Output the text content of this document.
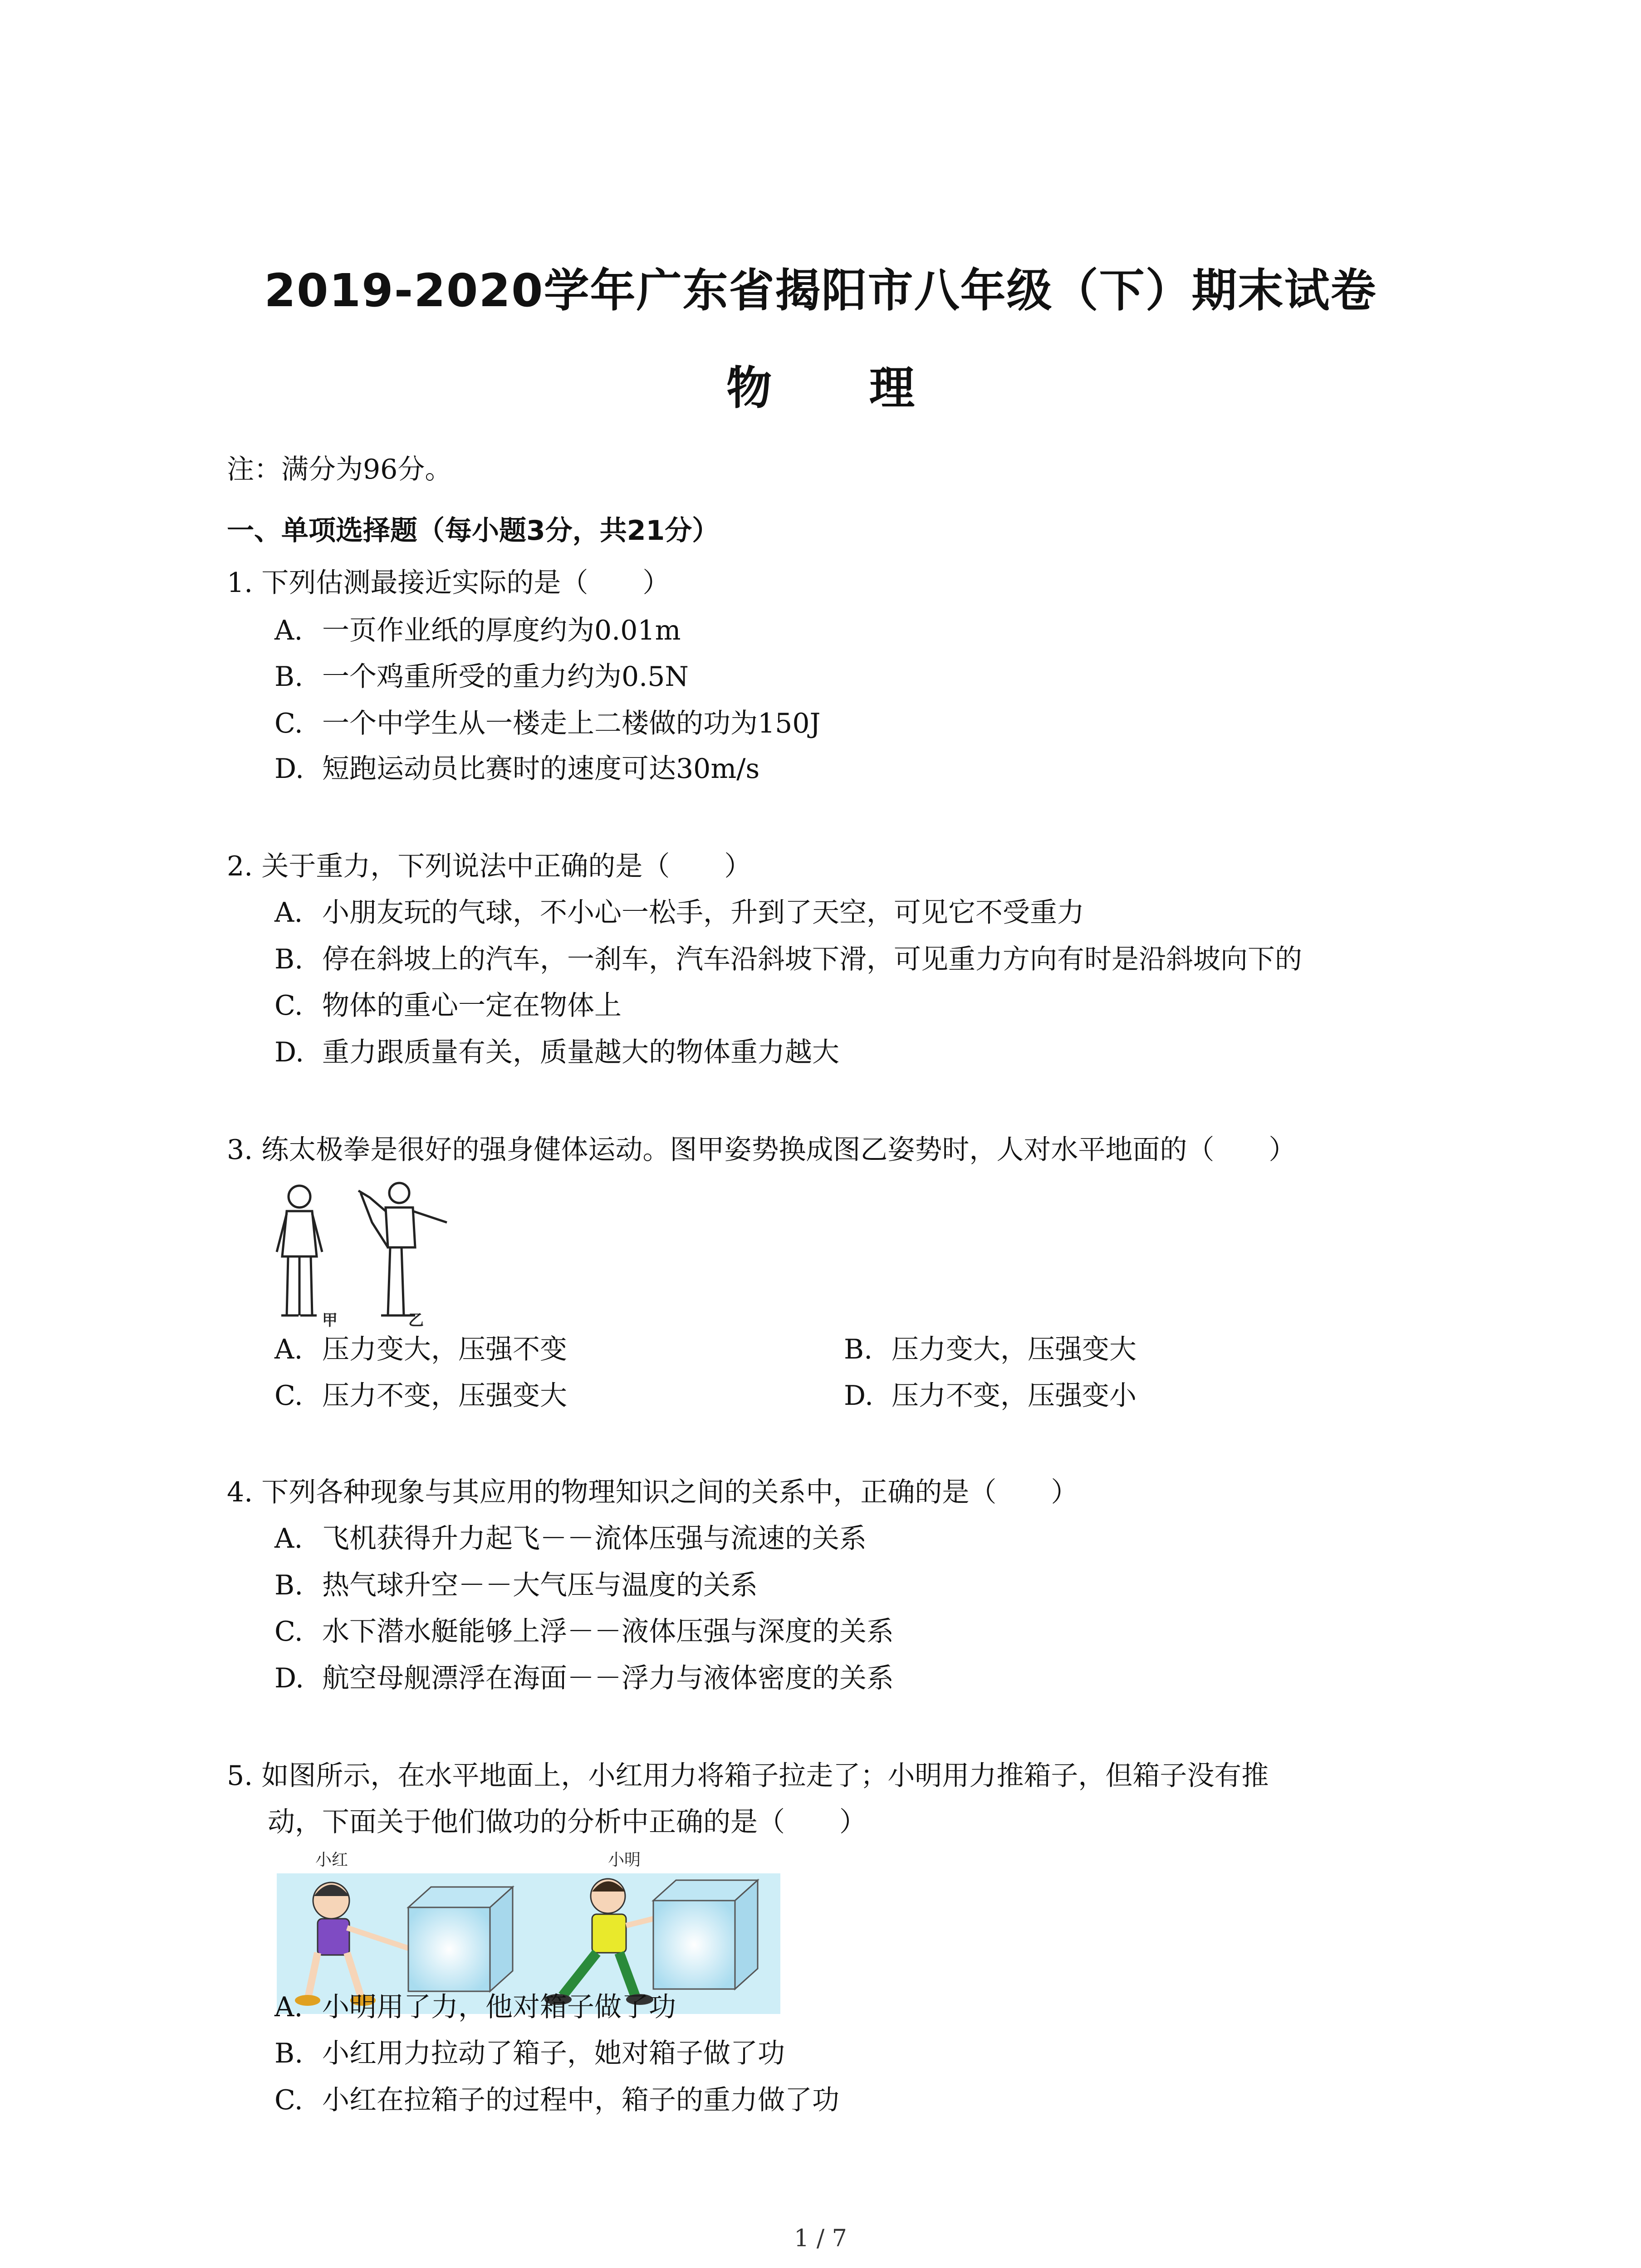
2019-2020学年广东省揭阳市八年级（下）期末试卷
物 理
注：满分为96分。
一、单项选择题（每小题3分，共21分）
1. 下列估测最接近实际的是（　　）
A. 一页作业纸的厚度约为0.01m
B. 一个鸡重所受的重力约为0.5N
C. 一个中学生从一楼走上二楼做的功为150J
D. 短跑运动员比赛时的速度可达30m/s
2. 关于重力，下列说法中正确的是（　　）
A. 小朋友玩的气球，不小心一松手，升到了天空，可见它不受重力
B. 停在斜坡上的汽车，一刹车，汽车沿斜坡下滑，可见重力方向有时是沿斜坡向下的
C. 物体的重心一定在物体上
D. 重力跟质量有关，质量越大的物体重力越大
3. 练太极拳是很好的强身健体运动。图甲姿势换成图乙姿势时，人对水平地面的（　　）
甲	乙
A. 压力变大，压强不变	B. 压力变大，压强变大
C. 压力不变，压强变大	D. 压力不变，压强变小
4. 下列各种现象与其应用的物理知识之间的关系中，正确的是（　　）
A. 飞机获得升力起飞－－流体压强与流速的关系
B. 热气球升空－－大气压与温度的关系
C. 水下潜水艇能够上浮－－液体压强与深度的关系
D. 航空母舰漂浮在海面－－浮力与液体密度的关系
5. 如图所示，在水平地面上，小红用力将箱子拉走了；小明用力推箱子，但箱子没有推
动，下面关于他们做功的分析中正确的是（　　）
小红	小明
A. 小明用了力，他对箱子做了功
B. 小红用力拉动了箱子，她对箱子做了功
C. 小红在拉箱子的过程中，箱子的重力做了功
1 / 7
